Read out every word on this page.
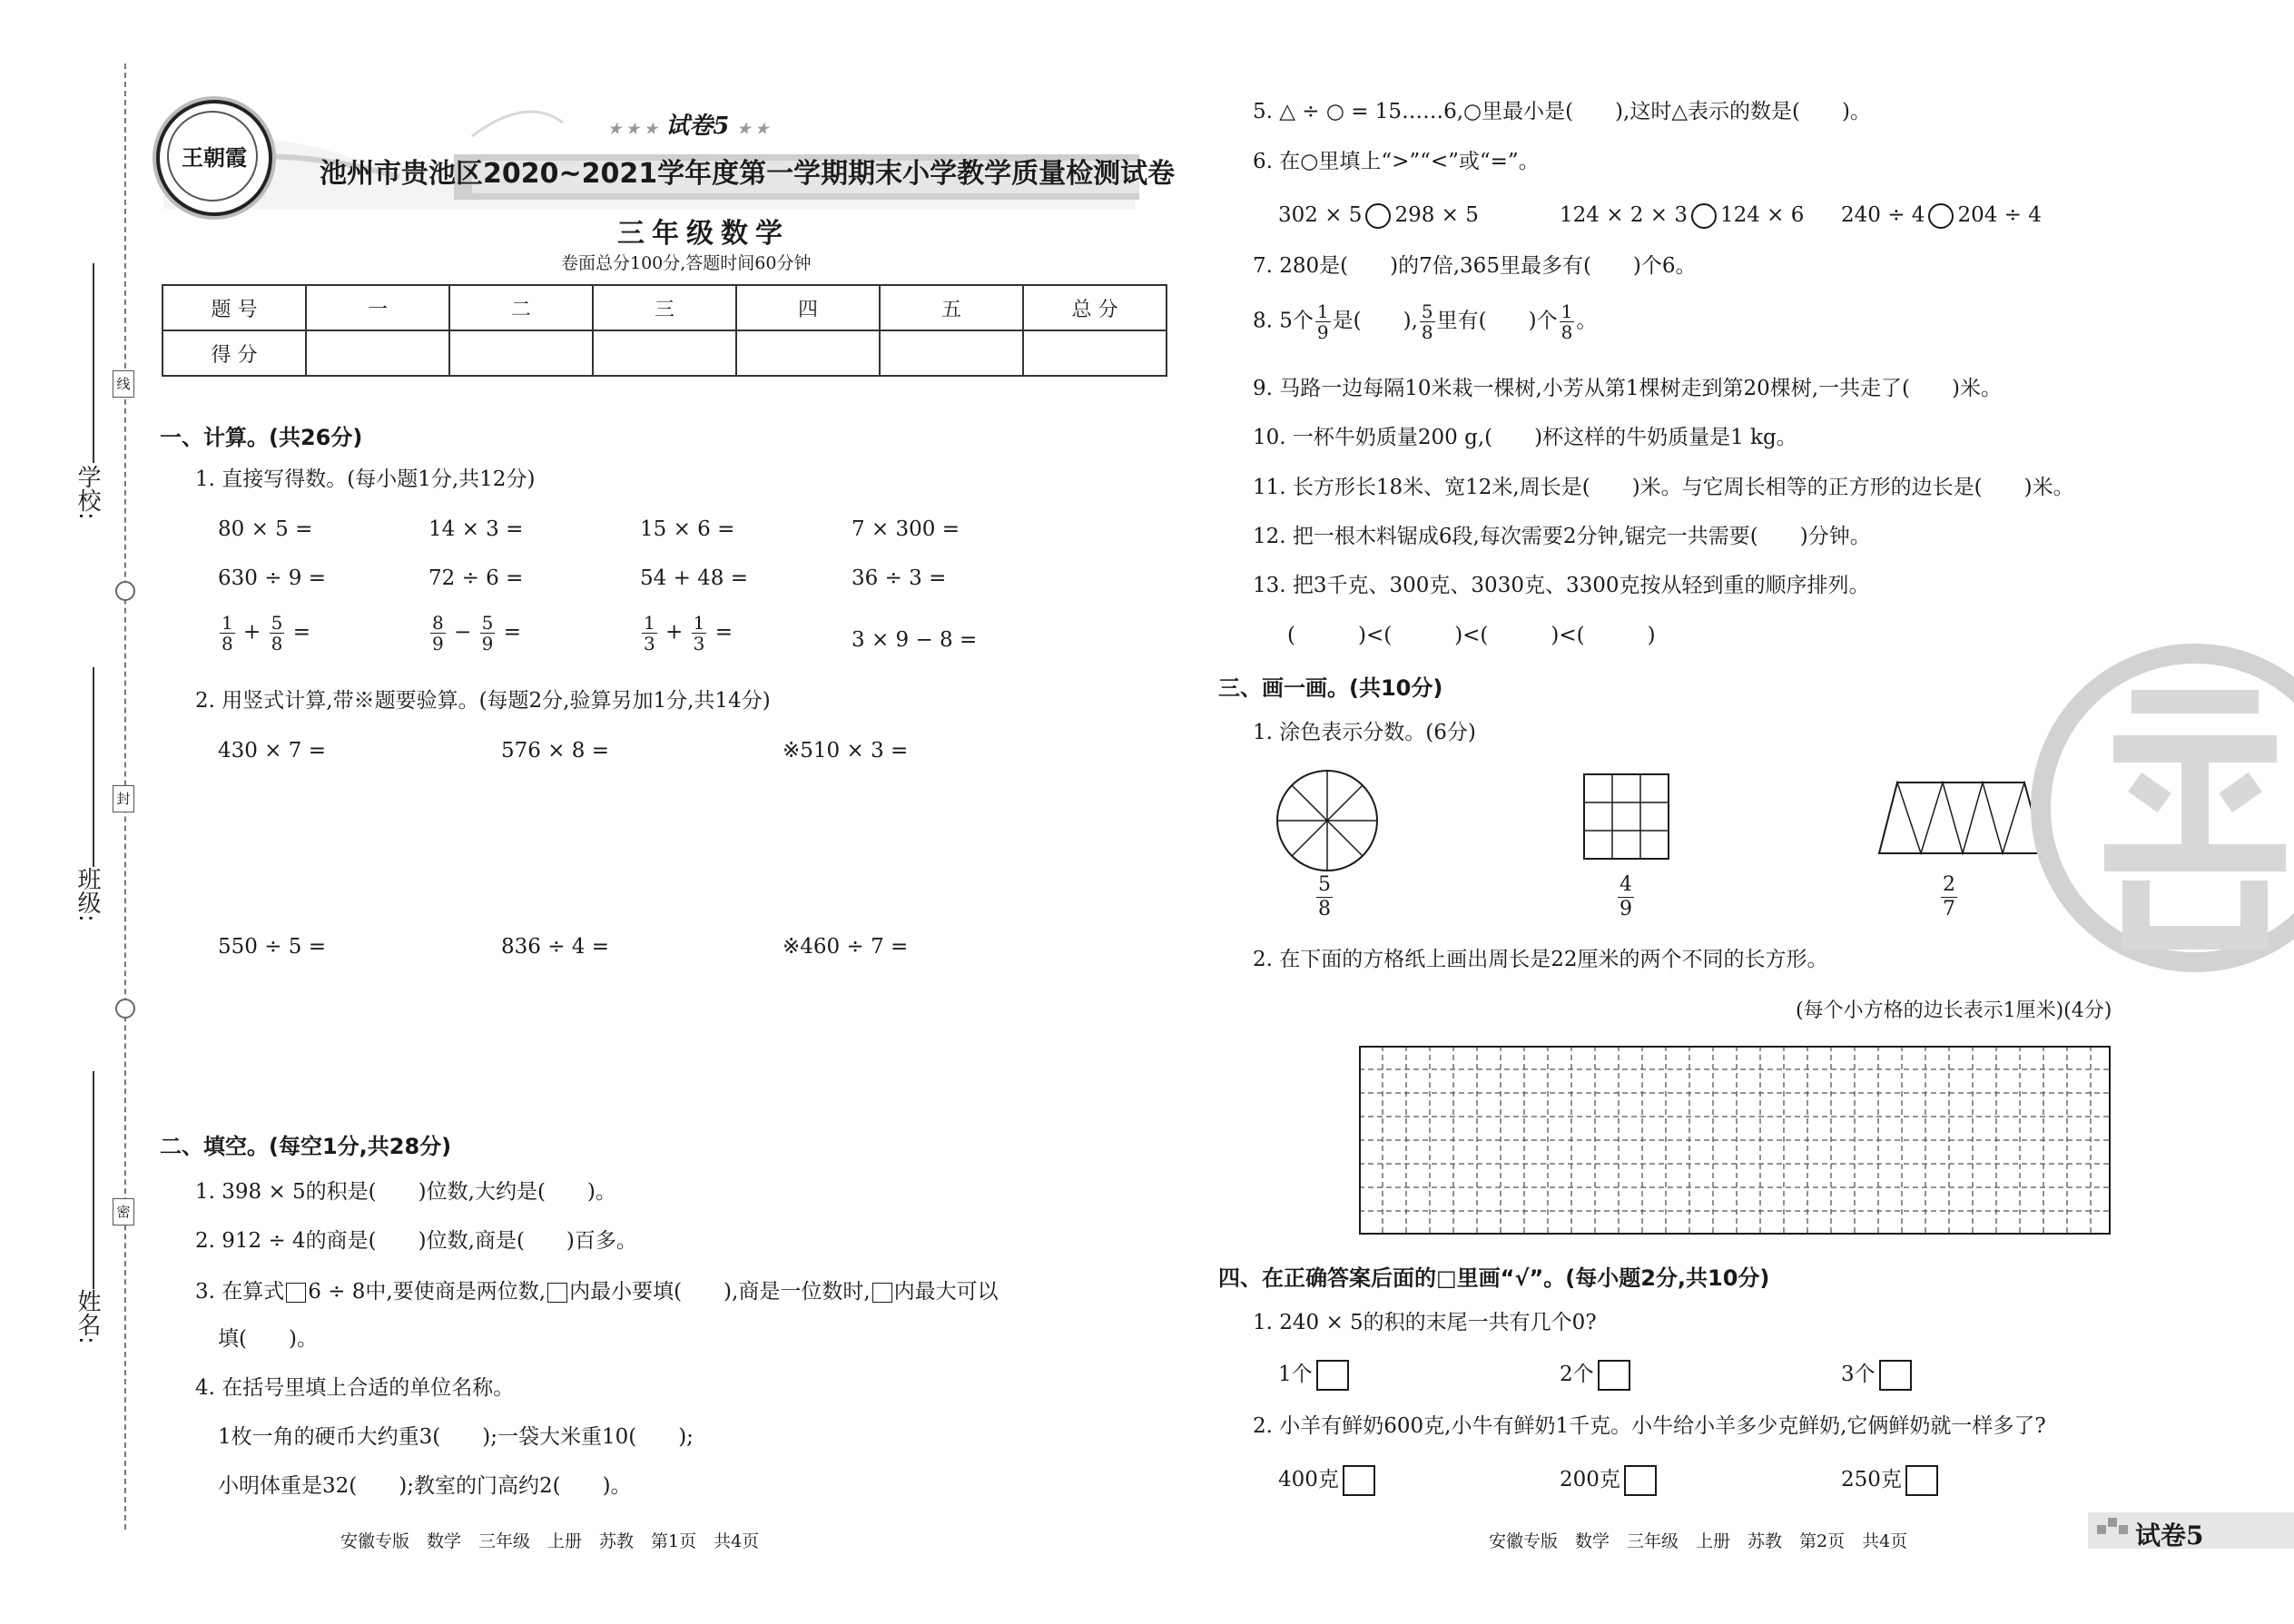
学校:
班级:
姓名:
线
封
密
王朝霞
★ ★ ★ 试卷5 ★ ★
池州市贵池区2020~2021学年度第一学期期末小学教学质量检测试卷
三年级数学
卷面总分100分,答题时间60分钟
题 号	一	二	三	四	五	总 分
得 分						
一、计算。(共26分)
1. 直接写得数。(每小题1分,共12分)
80 × 5 =	14 × 3 =	15 × 6 =	7 × 300 =
630 ÷ 9 =	72 ÷ 6 =	54 + 48 =	36 ÷ 3 =
$\frac{1}{8} + \frac{5}{8}$ =	$\frac{8}{9} - \frac{5}{9}$ =	$\frac{1}{3} + \frac{1}{3}$ =	3 × 9 − 8 =
2. 用竖式计算,带※题要验算。(每题2分,验算另加1分,共14分)
430 × 7 =	576 × 8 =	※510 × 3 =
550 ÷ 5 =	836 ÷ 4 =	※460 ÷ 7 =
二、填空。(每空1分,共28分)
1. 398 × 5的积是(　　)位数,大约是(　　)。
2. 912 ÷ 4的商是(　　)位数,商是(　　)百多。
3. 在算式 6 ÷ 8中,要使商是两位数, 内最小要填(　　),商是一位数时, 内最大可以
填(　　)。
4. 在括号里填上合适的单位名称。
1枚一角的硬币大约重3(　　);一袋大米重10(　　);
小明体重是32(　　);教室的门高约2(　　)。
安徽专版　数学　三年级　上册　苏教　第1页　共4页
5. △ ÷ ○ = 15……6,○里最小是(　　),这时△表示的数是(　　)。
6. 在○里填上“>”“<”或“=”。
302 × 5 298 × 5	124 × 2 × 3 124 × 6 240 ÷ 4 204 ÷ 4
7. 280是(　　)的7倍,365里最多有(　　)个6。
8. 5个 $\frac{1}{9}$ 是(　　), $\frac{5}{8}$ 里有(　　)个 $\frac{1}{8}$ 。
9. 马路一边每隔10米栽一棵树,小芳从第1棵树走到第20棵树,一共走了(　　)米。
10. 一杯牛奶质量200 g,(　　)杯这样的牛奶质量是1 kg。
11. 长方形长18米、宽12米,周长是(　　)米。与它周长相等的正方形的边长是(　　)米。
12. 把一根木料锯成6段,每次需要2分钟,锯完一共需要(　　)分钟。
13. 把3千克、300克、3030克、3300克按从轻到重的顺序排列。
(　　　)<(　　　)<(　　　)<(　　　)
三、画一画。(共10分)
1. 涂色表示分数。(6分)
$\frac{5}{8}$	$\frac{4}{9}$	$\frac{2}{7}$
2. 在下面的方格纸上画出周长是22厘米的两个不同的长方形。
(每个小方格的边长表示1厘米)(4分)
四、在正确答案后面的□里画“√”。(每小题2分,共10分)
1. 240 × 5的积的末尾一共有几个0?
1个	2个	3个
2. 小羊有鲜奶600克,小牛有鲜奶1千克。小牛给小羊多少克鲜奶,它俩鲜奶就一样多了?
400克	200克	250克
安徽专版　数学　三年级　上册　苏教　第2页　共4页	试卷5
